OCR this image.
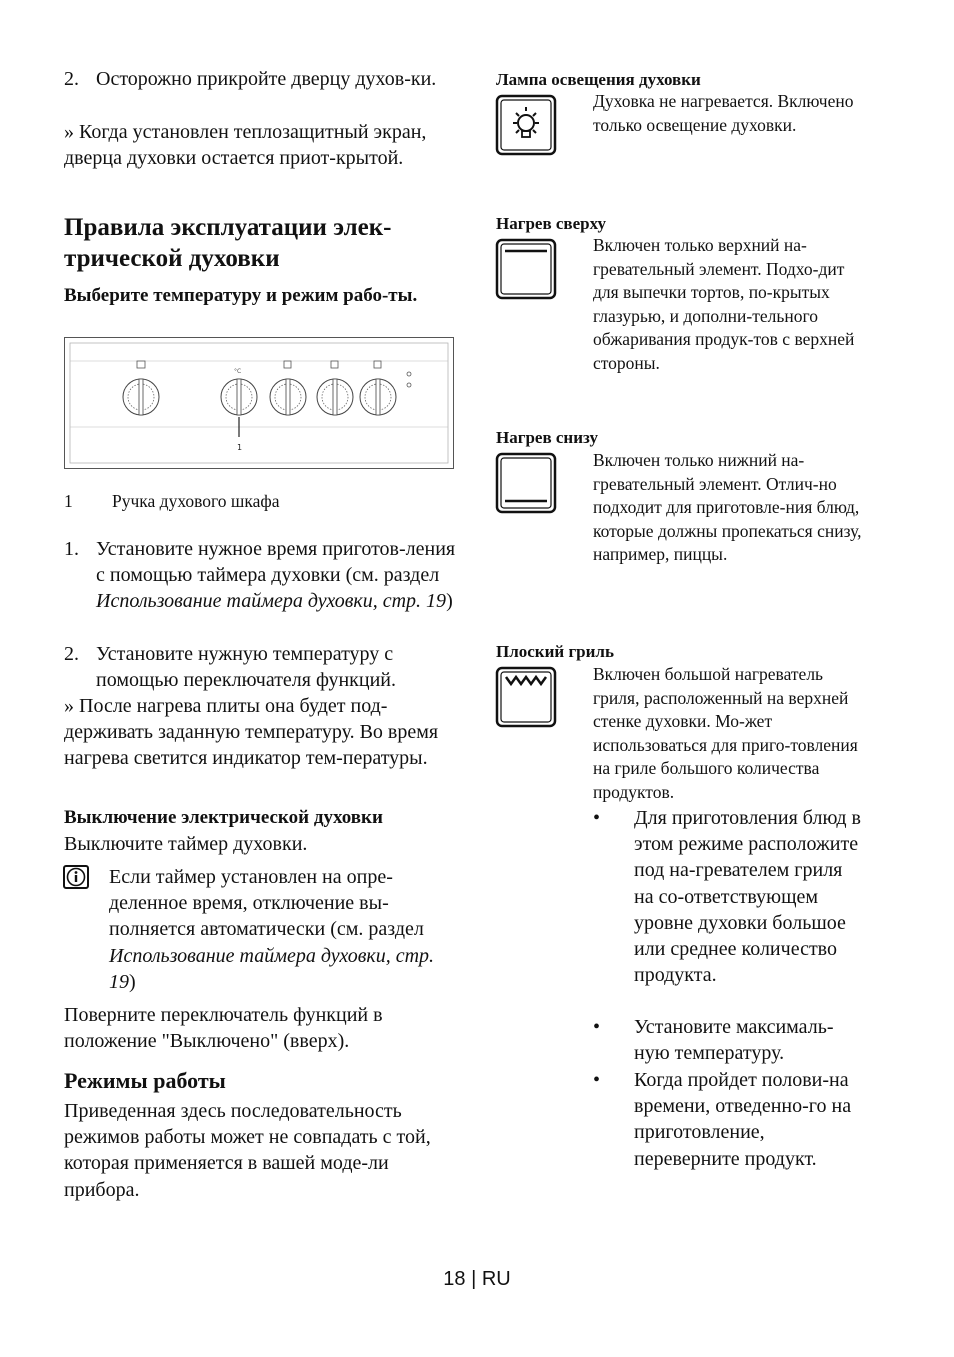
2. Осторожно прикройте дверцу духов-ки.
» Когда установлен теплозащитный экран, дверца духовки остается приот-крытой.
Правила эксплуатации элек-трической духовки
Выберите температуру и режим рабо-ты.
°C
1
1 Ручка духового шкафа
1. Установите нужное время приготов-ления с помощью таймера духовки (см. раздел Использование таймера духовки, стр. 19)
2. Установите нужную температуру с помощью переключателя функций.
» После нагрева плиты она будет под-держивать заданную температуру. Во время нагрева светится индикатор тем-пературы.
Выключение электрической духовки
Выключите таймер духовки.
Если таймер установлен на опре-деленное время, отключение вы-полняется автоматически (см. раздел Использование таймера духовки, стр. 19)
Поверните переключатель функций в положение "Выключено" (вверх).
Режимы работы
Приведенная здесь последовательность режимов работы может не совпадать с той, которая применяется в вашей моде-ли прибора.
Лампа освещения духовки
Духовка не нагревается. Включено только освещение духовки.
Нагрев сверху
Включен только верхний на-гревательный элемент. Подхо-дит для выпечки тортов, по-крытых глазурью, и дополни-тельного обжаривания продук-тов с верхней стороны.
Нагрев снизу
Включен только нижний на-гревательный элемент. Отлич-но подходит для приготовле-ния блюд, которые должны пропекаться снизу, например, пиццы.
Плоский гриль
Включен большой нагреватель гриля, расположенный на верхней стенке духовки. Мо-жет использоваться для приго-товления на гриле большого количества продуктов.
•	Для приготовления блюд в этом режиме расположите под на-гревателем гриля на со-ответствующем уровне духовки большое или среднее количество продукта.
•	Установите максималь-ную температуру.
•	Когда пройдет полови-на времени, отведенно-го на приготовление, переверните продукт.
18 | RU
